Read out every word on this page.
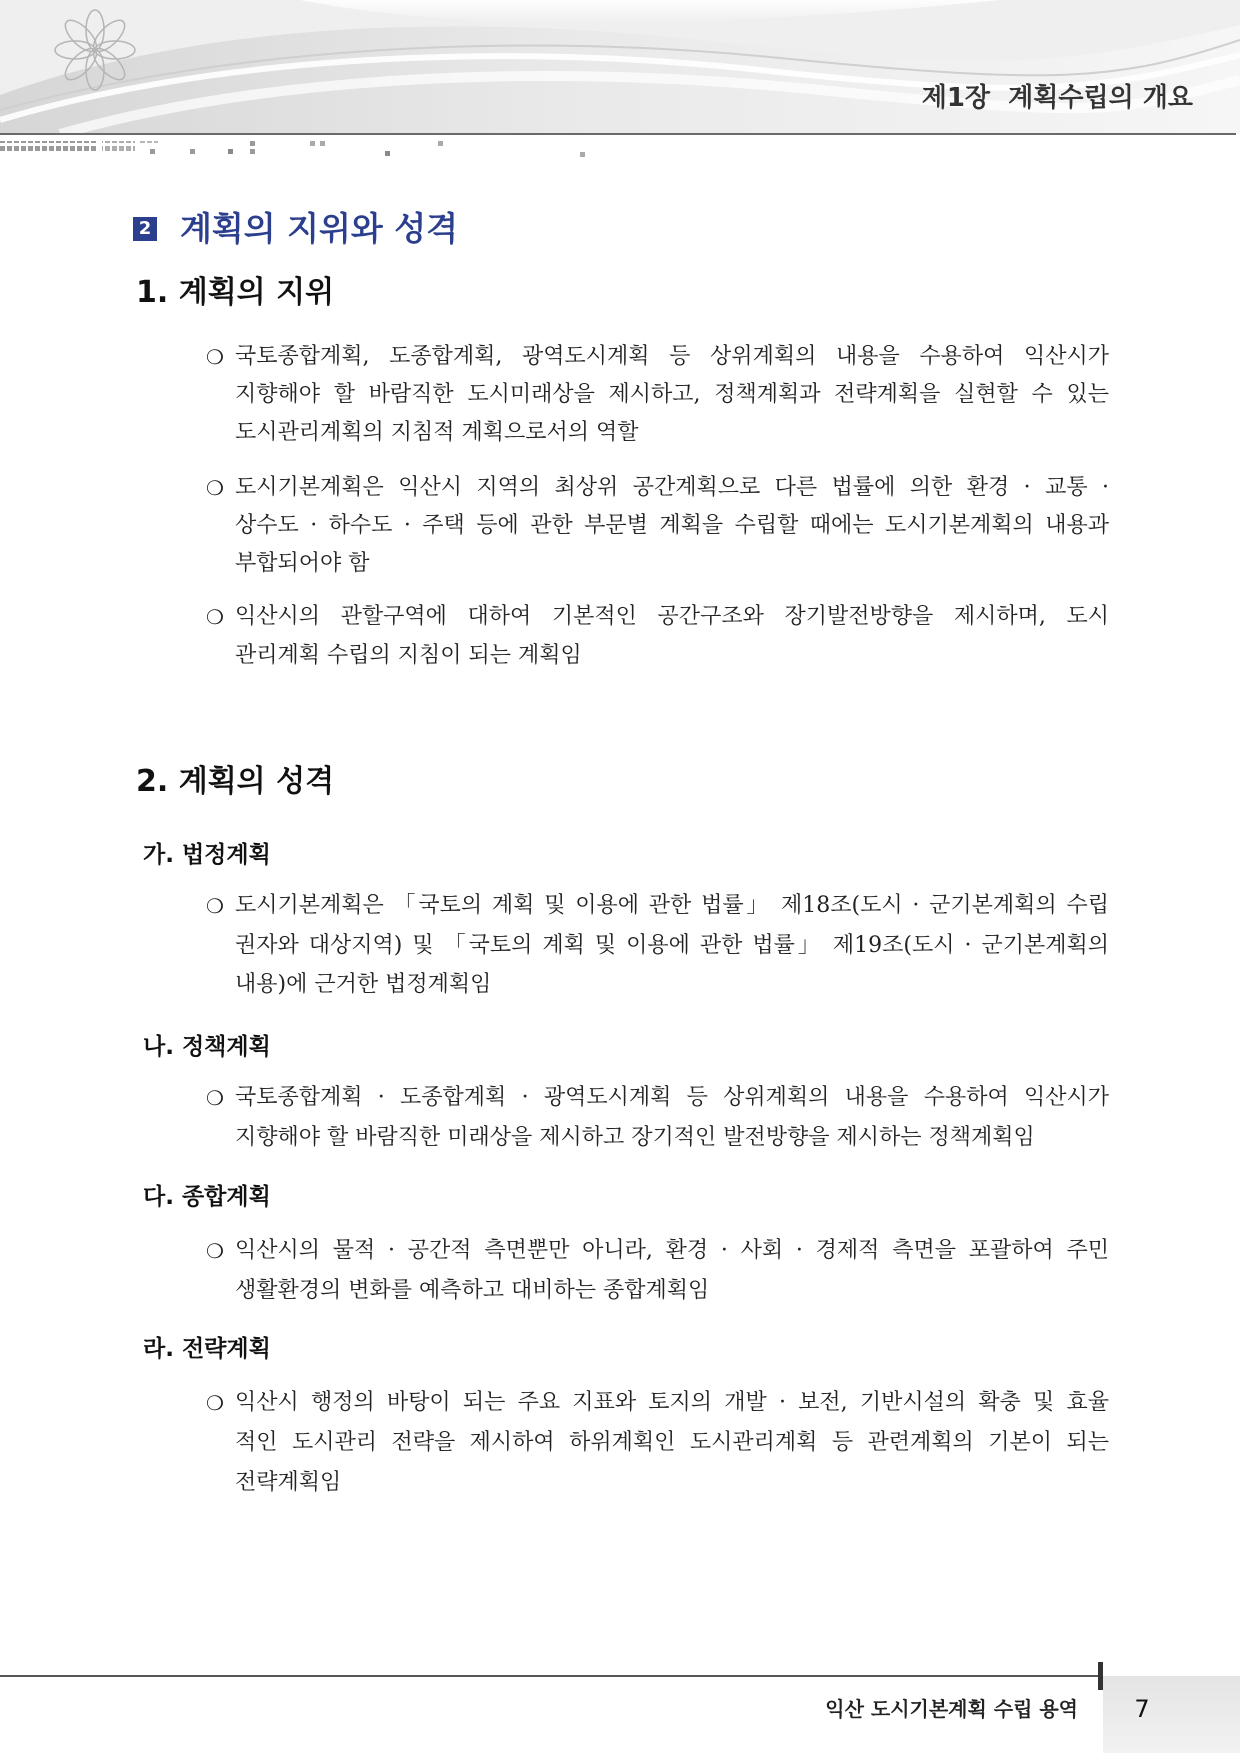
제1장  계획수립의 개요
2 계획의 지위와 성격
1. 계획의 지위
❍ 국토종합계획, 도종합계획, 광역도시계획 등 상위계획의 내용을 수용하여 익산시가
지향해야 할 바람직한 도시미래상을 제시하고, 정책계획과 전략계획을 실현할 수 있는
도시관리계획의 지침적 계획으로서의 역할
❍ 도시기본계획은 익산시 지역의 최상위 공간계획으로 다른 법률에 의한 환경 · 교통 ·
상수도 · 하수도 · 주택 등에 관한 부문별 계획을 수립할 때에는 도시기본계획의 내용과
부합되어야 함
❍ 익산시의 관할구역에 대하여 기본적인 공간구조와 장기발전방향을 제시하며, 도시
관리계획 수립의 지침이 되는 계획임
2. 계획의 성격
가. 법정계획
❍ 도시기본계획은 「국토의 계획 및 이용에 관한 법률」 제18조(도시 · 군기본계획의 수립
권자와 대상지역) 및 「국토의 계획 및 이용에 관한 법률」 제19조(도시 · 군기본계획의
내용)에 근거한 법정계획임
나. 정책계획
❍ 국토종합계획 · 도종합계획 · 광역도시계획 등 상위계획의 내용을 수용하여 익산시가
지향해야 할 바람직한 미래상을 제시하고 장기적인 발전방향을 제시하는 정책계획임
다. 종합계획
❍ 익산시의 물적 · 공간적 측면뿐만 아니라, 환경 · 사회 · 경제적 측면을 포괄하여 주민
생활환경의 변화를 예측하고 대비하는 종합계획임
라. 전략계획
❍ 익산시 행정의 바탕이 되는 주요 지표와 토지의 개발 · 보전, 기반시설의 확충 및 효율
적인 도시관리 전략을 제시하여 하위계획인 도시관리계획 등 관련계획의 기본이 되는
전략계획임
익산 도시기본계획 수립 용역	7
